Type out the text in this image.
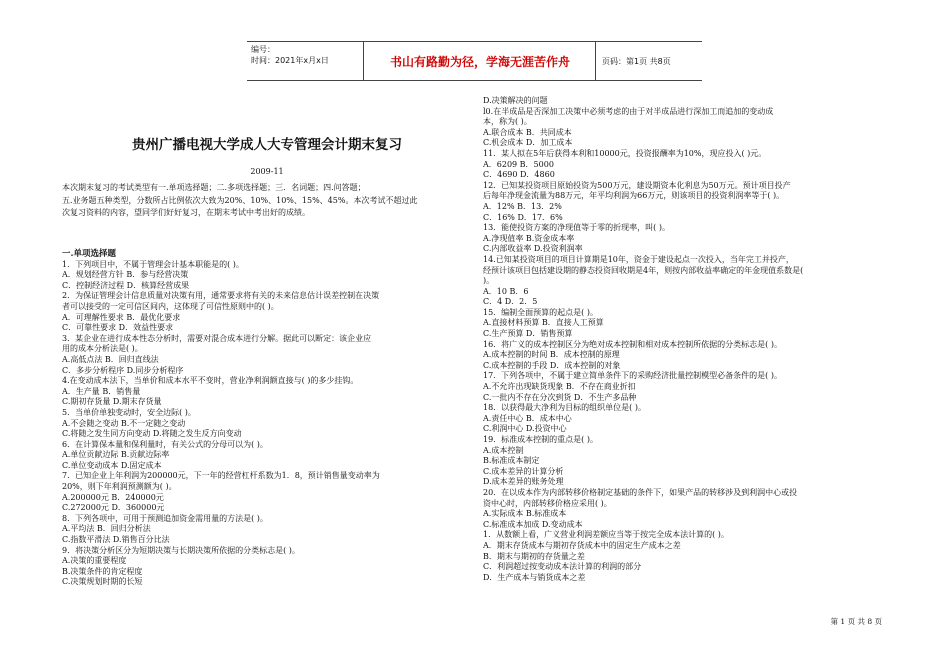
编号：
时间：2021年x月x日	书山有路勤为径，学海无涯苦作舟	页码：第1页 共8页
贵州广播电视大学成人大专管理会计期末复习
2009-11
本次期末复习的考试类型有一.单项选择题；二.多项选择题；三．名词题；四.问答题；
五.业务题五种类型，分数所占比例依次大致为20%、10%、10%、15%、45%。本次考试不超过此
次复习资料的内容，望同学们好好复习，在期末考试中考出好的成绩。
一.单项选择题
1．下列项目中，不属于管理会计基本职能是的( )。
A．规划经营方针 B．参与经营决策
C．控制经济过程 D．核算经营成果
2．为保证管理会计信息质量对决策有用，通常要求将有关的未来信息估计误差控制在决策
者可以接受的一定可信区间内，这体现了可信性原则中的( )。
A．可理解性要求 B．最优化要求
C．可靠性要求 D．效益性要求
3．某企业在进行成本性态分析时，需要对混合成本进行分解。据此可以断定：该企业应
用的成本分析法是( )。
A.高低点法 B．回归直线法
C．多步分析程序 D.同步分析程序
4.在变动成本法下，当单价和成本水平不变时，营业净利润额直接与( )的多少挂钩。
A．生产量 B．销售量
C.期初存货量 D.期末存货量
5．当单价单独变动时，安全边际( )。
A.不会随之变动 B.不一定随之变动
C.将随之发生同方向变动 D.将随之发生反方向变动
6．在计算保本量和保利量时，有关公式的分母可以为( )。
A.单位贡献边际 B.贡献边际率
C.单位变动成本 D.固定成本
7．已知企业上年利润为200000元，下一年的经营杠杆系数为1．8，预计销售量变动率为
20%，则下年利润预测额为( )。
A.200000元 B．240000元
C.272000元 D．360000元
8．下列各项中，可用于预测追加资金需用量的方法是( )。
A.平均法 B．回归分析法
C.指数平滑法 D.销售百分比法
9．将决策分析区分为短期决策与长期决策所依据的分类标志是( )。
A.决策的重要程度
B.决策条件的肯定程度
C.决策规划时期的长短
D.决策解决的问题
l0.在半成品是否深加工决策中必须考虑的由于对半成品进行深加工而追加的变动成
本，称为( )。
A.联合成本 B．共同成本
C.机会成本 D．加工成本
11．某人拟在5年后获得本利和10000元，投资报酬率为10%，现应投入( )元。
A．6209 B．5000
C．4690 D．4860
12．已知某投资项目原始投资为500万元，建设期资本化利息为50万元。预计项目投产
后每年净现金流量为88万元，年平均利润为66万元，则该项目的投资利润率等于( )。
A．12% B．13．2%
C．16% D．17．6%
13．能使投资方案的净现值等于零的折现率，叫( )。
A.净现值率 B.资金成本率
C.内部收益率 D.投资利润率
14.已知某投资项目的项目计算期是10年，资金于建设起点一次投入，当年完工并投产，
经预计该项目包括建设期的静态投资回收期是4年，则按内部收益率确定的年金现值系数是(
)。
A．10 B．6
C．4 D．2．5
15．编制全面预算的起点是( )。
A.直接材料预算 B．直接人工预算
C.生产预算 D．销售预算
16．将广义的成本控制区分为绝对成本控制和相对成本控制所依据的分类标志是( )。
A.成本控制的时间 B．成本控制的原理
C.成本控制的手段 D．成本控制的对象
17．下列各项中，不属于建立简单条件下的采购经济批量控制模型必备条件的是( )。
A.不允许出现缺货现象 B．不存在商业折扣
C.一批内不存在分次到货 D．不生产多品种
18．以获得最大净利为目标的组织单位是( )。
A.责任中心 B．成本中心
C.利润中心 D.投资中心
19．标准成本控制的重点是( )。
A.成本控制
B.标准成本制定
C.成本差异的计算分析
D.成本差异的账务处理
20．在以成本作为内部转移价格制定基础的条件下，如果产品的转移涉及到利润中心或投
资中心时，内部转移价格应采用( )。
A.实际成本 B.标准成本
C.标准成本加成 D.变动成本
1．从数额上看，广义营业利润差额应当等于按完全成本法计算的( )。
A．期末存货成本与期初存货成本中的固定生产成本之差
B．期末与期初的存货量之差
C．利润超过按变动成本法计算的利润的部分
D．生产成本与销货成本之差
第 1 页 共 8 页
